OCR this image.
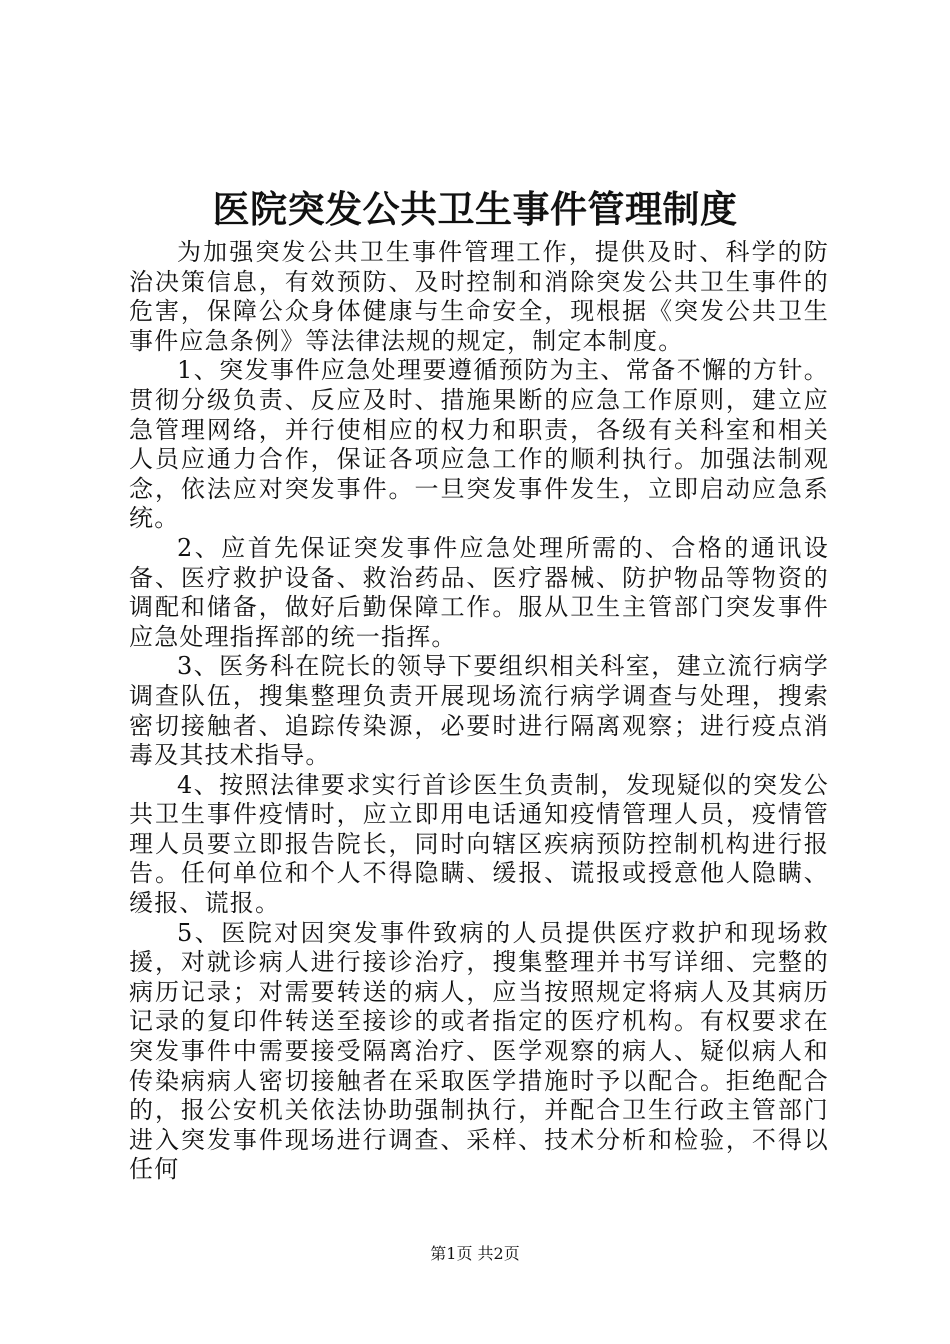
医院突发公共卫生事件管理制度

为加强突发公共卫生事件管理工作，提供及时、科学的防治决策信息，有效预防、及时控制和消除突发公共卫生事件的危害，保障公众身体健康与生命安全，现根据《突发公共卫生事件应急条例》等法律法规的规定，制定本制度。

1、突发事件应急处理要遵循预防为主、常备不懈的方针。贯彻分级负责、反应及时、措施果断的应急工作原则，建立应急管理网络，并行使相应的权力和职责，各级有关科室和相关人员应通力合作，保证各项应急工作的顺利执行。加强法制观念，依法应对突发事件。一旦突发事件发生，立即启动应急系统。

2、应首先保证突发事件应急处理所需的、合格的通讯设备、医疗救护设备、救治药品、医疗器械、防护物品等物资的调配和储备，做好后勤保障工作。服从卫生主管部门突发事件应急处理指挥部的统一指挥。

3、医务科在院长的领导下要组织相关科室，建立流行病学调查队伍，搜集整理负责开展现场流行病学调查与处理，搜索密切接触者、追踪传染源，必要时进行隔离观察；进行疫点消毒及其技术指导。

4、按照法律要求实行首诊医生负责制，发现疑似的突发公共卫生事件疫情时，应立即用电话通知疫情管理人员，疫情管理人员要立即报告院长，同时向辖区疾病预防控制机构进行报告。任何单位和个人不得隐瞒、缓报、谎报或授意他人隐瞒、缓报、谎报。

5、医院对因突发事件致病的人员提供医疗救护和现场救援，对就诊病人进行接诊治疗，搜集整理并书写详细、完整的病历记录；对需要转送的病人，应当按照规定将病人及其病历记录的复印件转送至接诊的或者指定的医疗机构。有权要求在突发事件中需要接受隔离治疗、医学观察的病人、疑似病人和传染病病人密切接触者在采取医学措施时予以配合。拒绝配合的，报公安机关依法协助强制执行，并配合卫生行政主管部门进入突发事件现场进行调查、采样、技术分析和检验，不得以任何

第1页 共2页
